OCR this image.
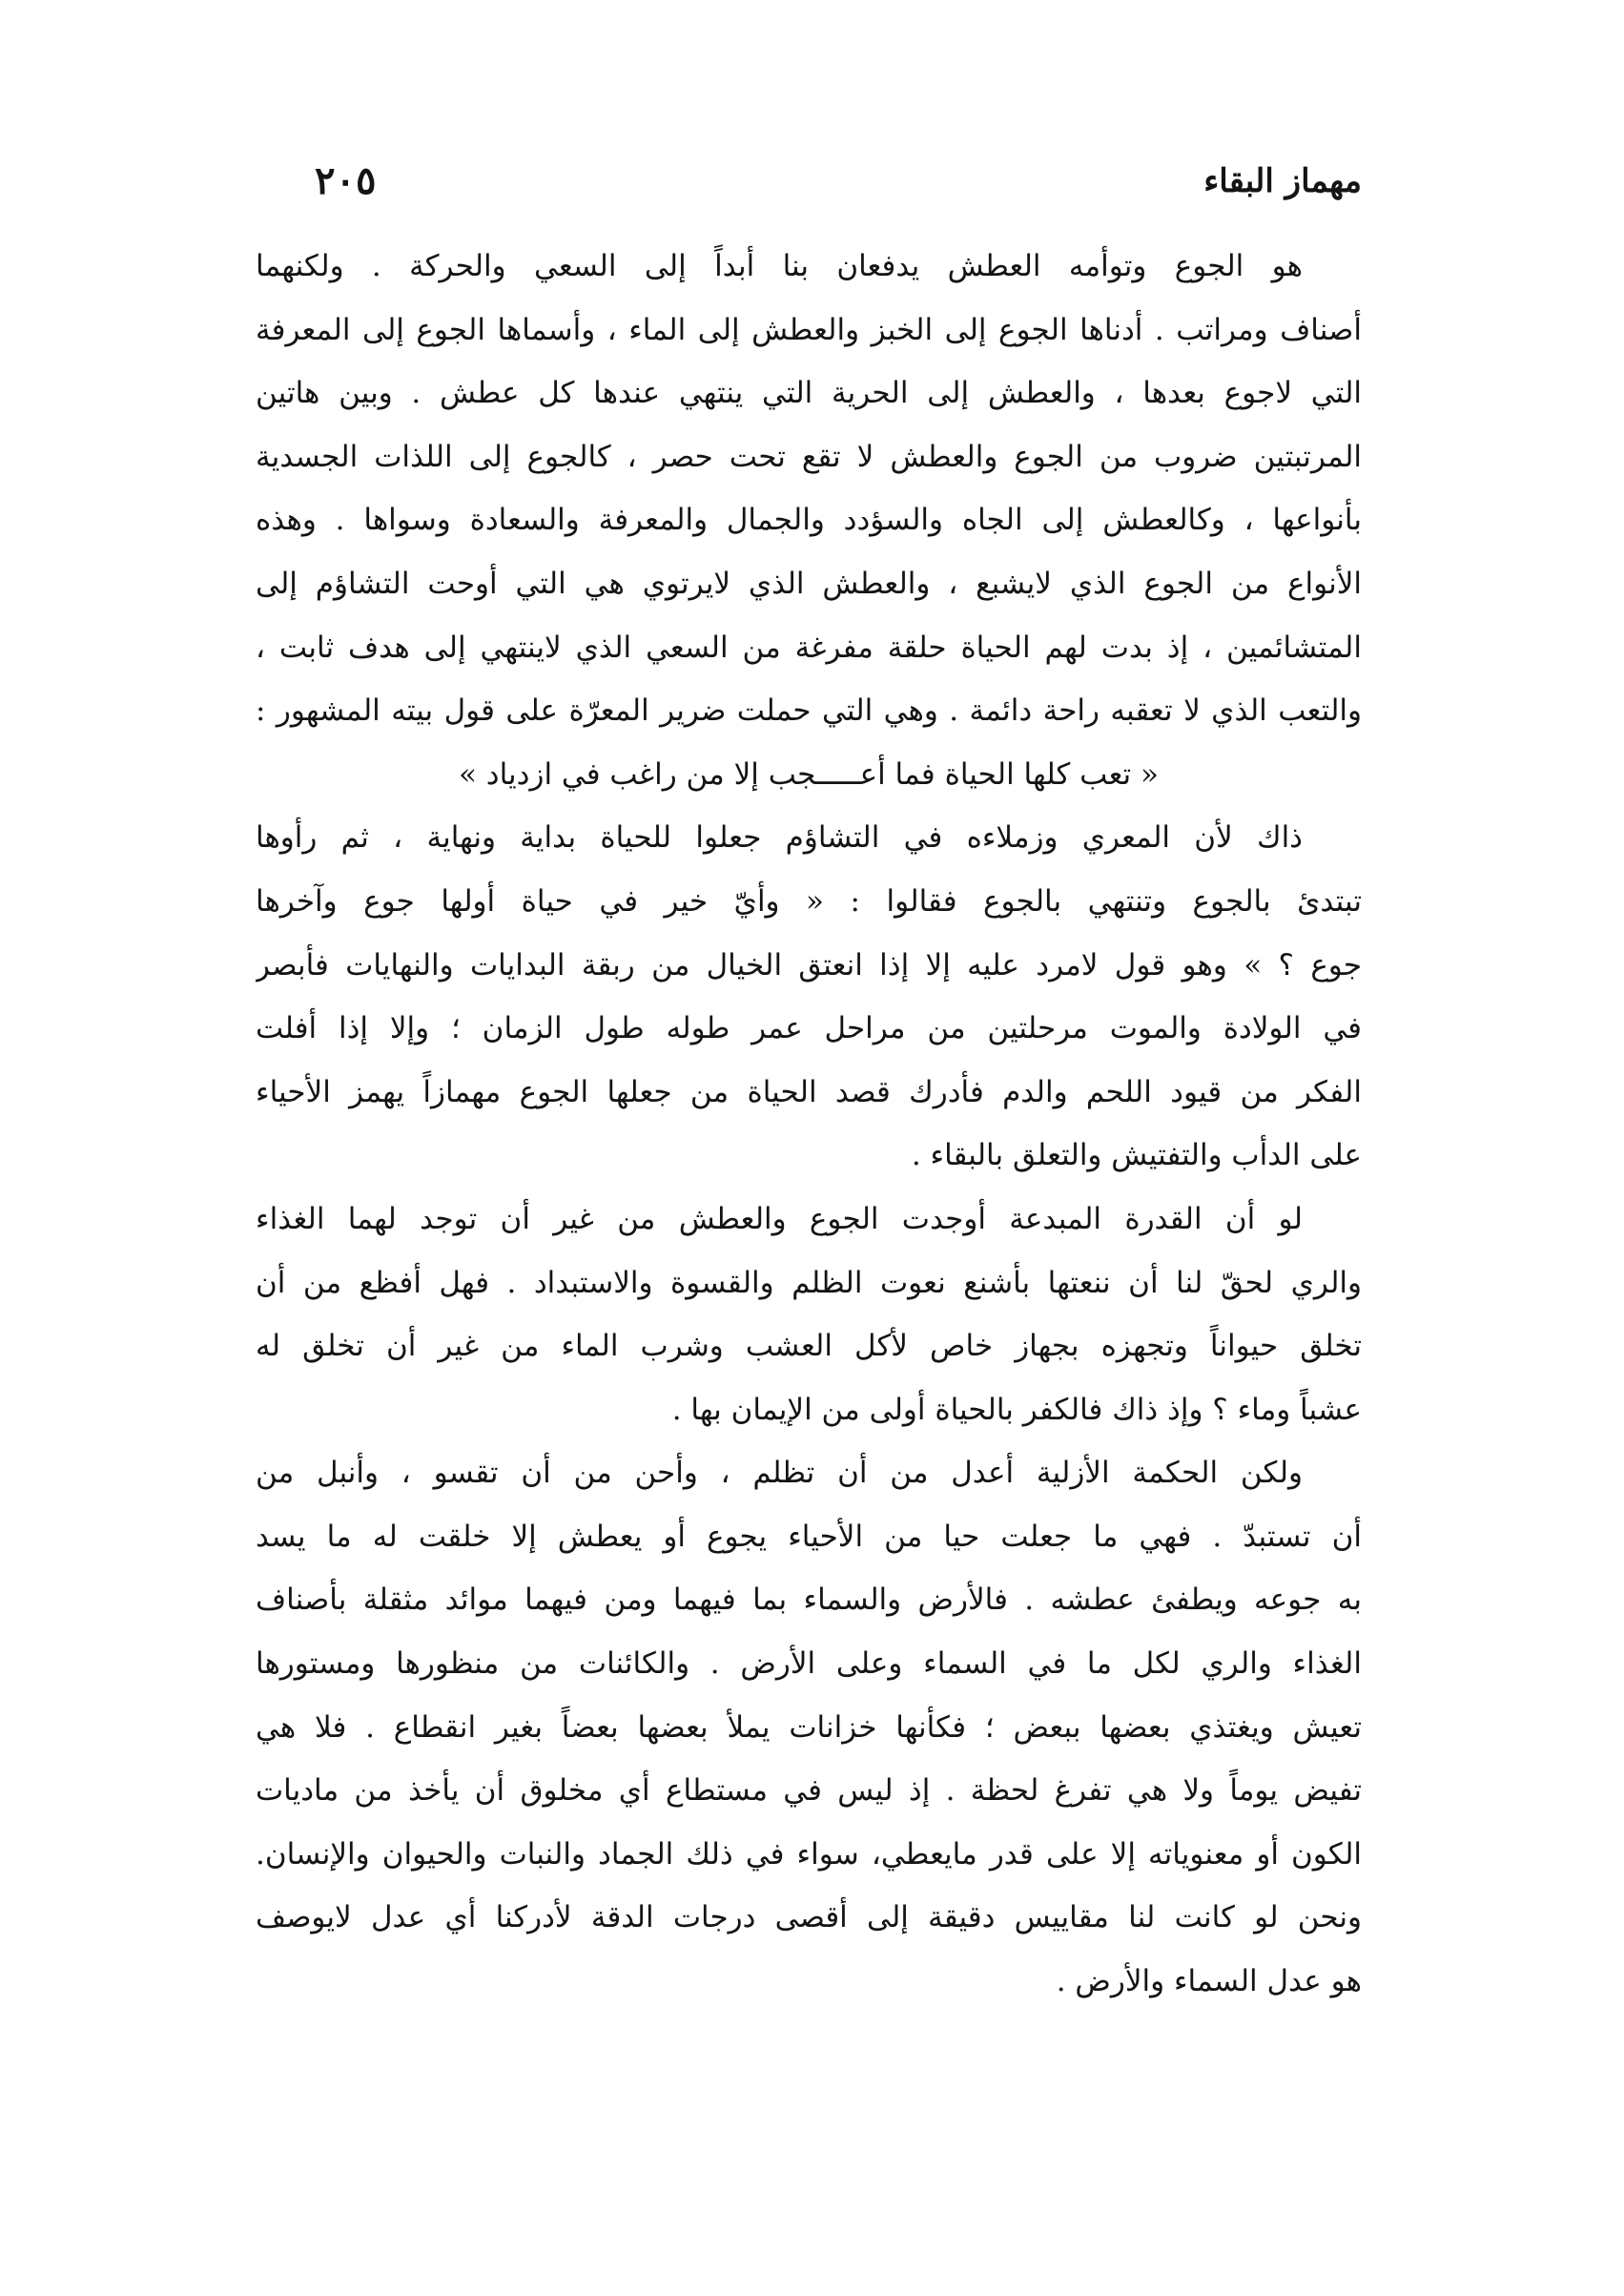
مهماز البقاء
٢٠٥
هو الجوع وتوأمه العطش يدفعان بنا أبداً إلى السعي والحركة . ولكنهما
أصناف ومراتب . أدناها الجوع إلى الخبز والعطش إلى الماء ، وأسماها الجوع إلى المعرفة
التي لاجوع بعدها ، والعطش إلى الحرية التي ينتهي عندها كل عطش . وبين هاتين
المرتبتين ضروب من الجوع والعطش لا تقع تحت حصر ، كالجوع إلى اللذات الجسدية
بأنواعها ، وكالعطش إلى الجاه والسؤدد والجمال والمعرفة والسعادة وسواها . وهذه
الأنواع من الجوع الذي لايشبع ، والعطش الذي لايرتوي هي التي أوحت التشاؤم إلى
المتشائمين ، إذ بدت لهم الحياة حلقة مفرغة من السعي الذي لاينتهي إلى هدف ثابت ،
والتعب الذي لا تعقبه راحة دائمة . وهي التي حملت ضرير المعرّة على قول بيته المشهور :
« تعب كلها الحياة فما أعـــــجب إلا من راغب في ازدياد »
ذاك لأن المعري وزملاءه في التشاؤم جعلوا للحياة بداية ونهاية ، ثم رأوها
تبتدئ بالجوع وتنتهي بالجوع فقالوا : « وأيّ خير في حياة أولها جوع وآخرها
جوع ؟ » وهو قول لامرد عليه إلا إذا انعتق الخيال من ربقة البدايات والنهايات فأبصر
في الولادة والموت مرحلتين من مراحل عمر طوله طول الزمان ؛ وإلا إذا أفلت
الفكر من قيود اللحم والدم فأدرك قصد الحياة من جعلها الجوع مهمازاً يهمز الأحياء
على الدأب والتفتيش والتعلق بالبقاء .
لو أن القدرة المبدعة أوجدت الجوع والعطش من غير أن توجد لهما الغذاء
والري لحقّ لنا أن ننعتها بأشنع نعوت الظلم والقسوة والاستبداد . فهل أفظع من أن
تخلق حيواناً وتجهزه بجهاز خاص لأكل العشب وشرب الماء من غير أن تخلق له
عشباً وماء ؟ وإذ ذاك فالكفر بالحياة أولى من الإيمان بها .
ولكن الحكمة الأزلية أعدل من أن تظلم ، وأحن من أن تقسو ، وأنبل من
أن تستبدّ . فهي ما جعلت حيا من الأحياء يجوع أو يعطش إلا خلقت له ما يسد
به جوعه ويطفئ عطشه . فالأرض والسماء بما فيهما ومن فيهما موائد مثقلة بأصناف
الغذاء والري لكل ما في السماء وعلى الأرض . والكائنات من منظورها ومستورها
تعيش ويغتذي بعضها ببعض ؛ فكأنها خزانات يملأ بعضها بعضاً بغير انقطاع . فلا هي
تفيض يوماً ولا هي تفرغ لحظة . إذ ليس في مستطاع أي مخلوق أن يأخذ من ماديات
الكون أو معنوياته إلا على قدر مايعطي، سواء في ذلك الجماد والنبات والحيوان والإنسان.
ونحن لو كانت لنا مقاييس دقيقة إلى أقصى درجات الدقة لأدركنا أي عدل لايوصف
هو عدل السماء والأرض .
